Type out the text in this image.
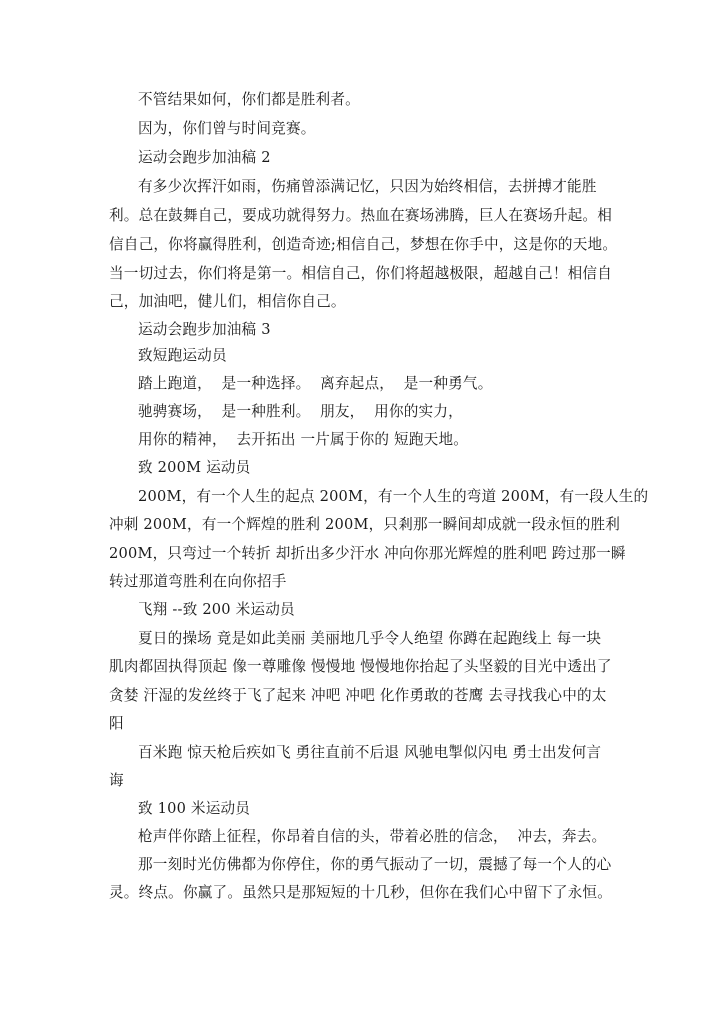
不管结果如何，你们都是胜利者。
因为，你们曾与时间竞赛。
运动会跑步加油稿 2
有多少次挥汗如雨，伤痛曾添满记忆，只因为始终相信，去拼搏才能胜
利。总在鼓舞自己，要成功就得努力。热血在赛场沸腾，巨人在赛场升起。相
信自己，你将赢得胜利，创造奇迹;相信自己，梦想在你手中，这是你的天地。
当一切过去，你们将是第一。相信自己，你们将超越极限，超越自己！相信自
己，加油吧，健儿们，相信你自己。
运动会跑步加油稿 3
致短跑运动员
踏上跑道，  是一种选择。  离弃起点，  是一种勇气。
驰骋赛场，  是一种胜利。  朋友，  用你的实力，
用你的精神，  去开拓出 一片属于你的 短跑天地。
致 200M 运动员
200M，有一个人生的起点 200M，有一个人生的弯道 200M，有一段人生的
冲刺 200M，有一个辉煌的胜利 200M，只剎那一瞬间却成就一段永恒的胜利
200M，只弯过一个转折 却折出多少汗水 冲向你那光辉煌的胜利吧 跨过那一瞬
转过那道弯胜利在向你招手
飞翔 --致 200 米运动员
夏日的操场 竟是如此美丽 美丽地几乎令人绝望 你蹲在起跑线上 每一块
肌肉都固执得顶起 像一尊雕像 慢慢地 慢慢地你抬起了头坚毅的目光中透出了
贪婪 汗湿的发丝终于飞了起来 冲吧 冲吧 化作勇敢的苍鹰 去寻找我心中的太
阳
百米跑 惊天枪后疾如飞 勇往直前不后退 风驰电掣似闪电 勇士出发何言
诲
致 100 米运动员
枪声伴你踏上征程，你昂着自信的头，带着必胜的信念，  冲去，奔去。
那一刻时光仿佛都为你停住，你的勇气振动了一切，震撼了每一个人的心
灵。终点。你赢了。虽然只是那短短的十几秒，但你在我们心中留下了永恒。
